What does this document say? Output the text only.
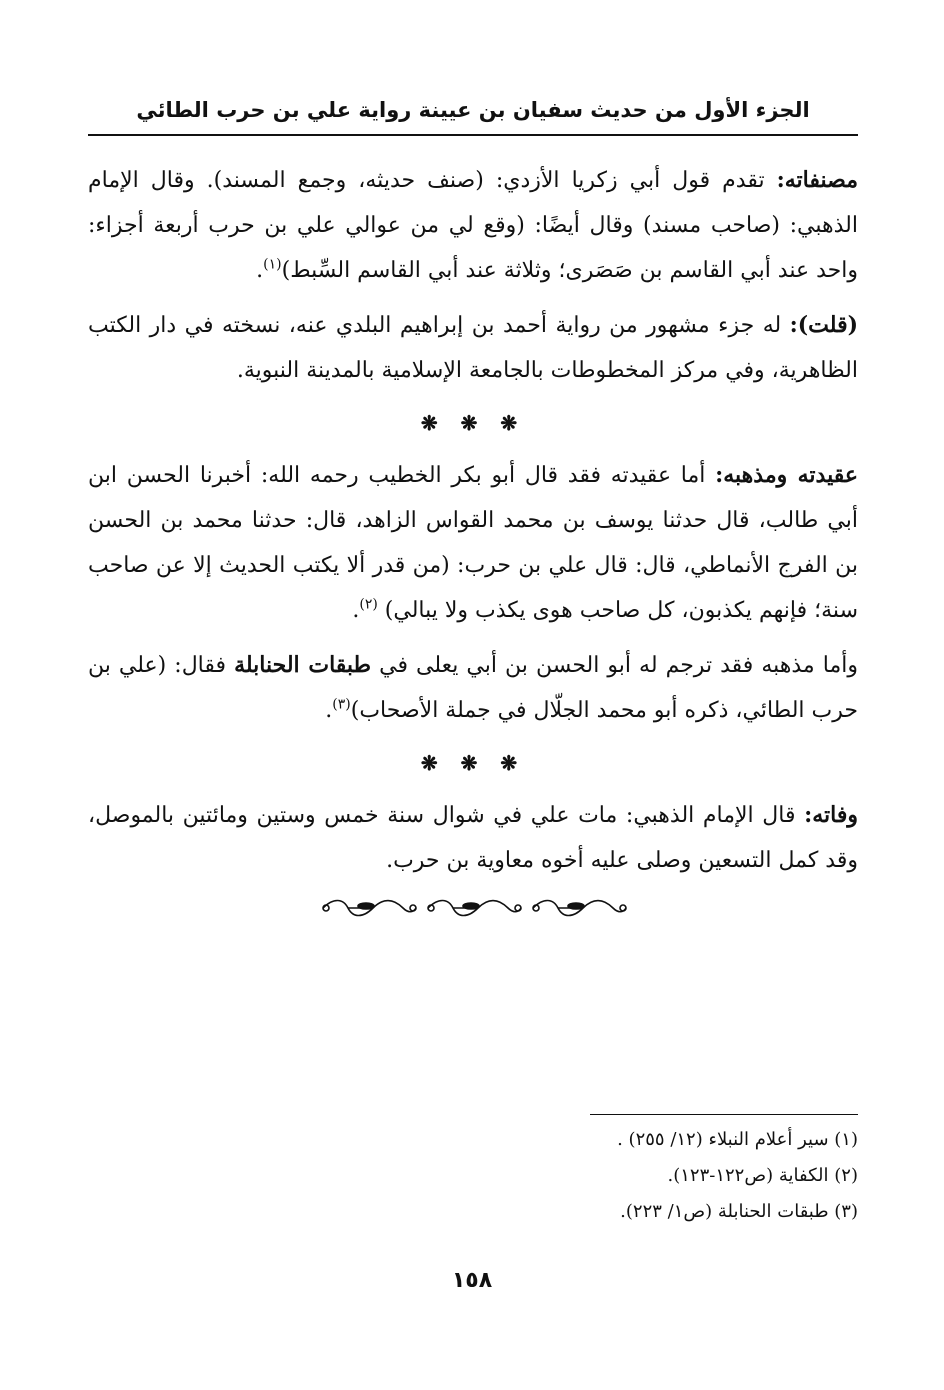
الجزء الأول من حديث سفيان بن عيينة رواية علي بن حرب الطائي

مصنفاته: تقدم قول أبي زكريا الأزدي: (صنف حديثه، وجمع المسند). وقال الإمام الذهبي: (صاحب مسند) وقال أيضًا: (وقع لي من عوالي علي بن حرب أربعة أجزاء: واحد عند أبي القاسم بن صَصَرى؛ وثلاثة عند أبي القاسم السِّبط)$^{(١)}$.

(قلت): له جزء مشهور من رواية أحمد بن إبراهيم البلدي عنه، نسخته في دار الكتب الظاهرية، وفي مركز المخطوطات بالجامعة الإسلامية بالمدينة النبوية.

❋ ❋ ❋

عقيدته ومذهبه: أما عقيدته فقد قال أبو بكر الخطيب رحمه الله: أخبرنا الحسن ابن أبي طالب، قال حدثنا يوسف بن محمد القواس الزاهد، قال: حدثنا محمد بن الحسن بن الفرج الأنماطي، قال: قال علي بن حرب: (من قدر ألا يكتب الحديث إلا عن صاحب سنة؛ فإنهم يكذبون، كل صاحب هوى يكذب ولا يبالي) $^{(٢)}$.

وأما مذهبه فقد ترجم له أبو الحسن بن أبي يعلى في طبقات الحنابلة فقال: (علي بن حرب الطائي، ذكره أبو محمد الجلّال في جملة الأصحاب)$^{(٣)}$.

❋ ❋ ❋

وفاته: قال الإمام الذهبي: مات علي في شوال سنة خمس وستين ومائتين بالموصل، وقد كمل التسعين وصلى عليه أخوه معاوية بن حرب.

(١) سير أعلام النبلاء (١٢/ ٢٥٥) .

(٢) الكفاية (ص١٢٢-١٢٣).

(٣) طبقات الحنابلة (ص١/ ٢٢٣).

١٥٨
